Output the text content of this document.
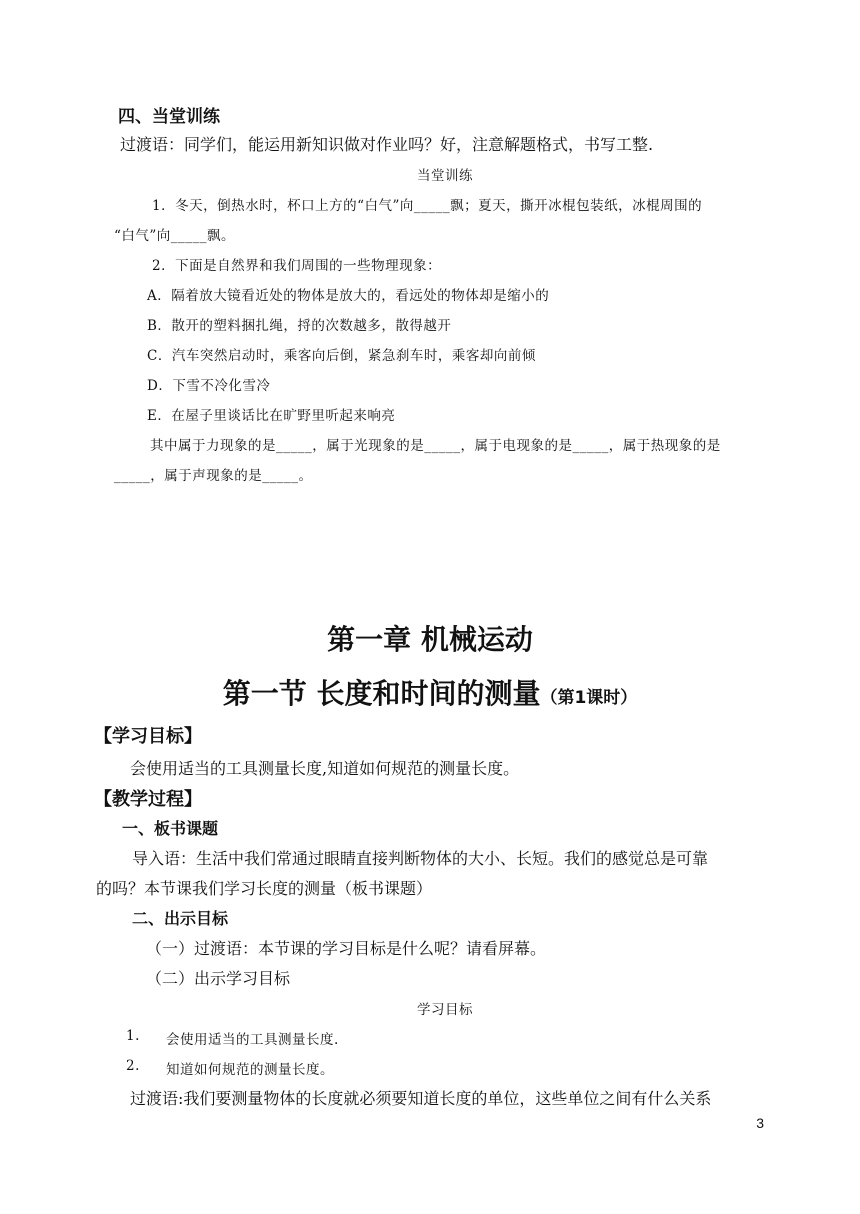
四、当堂训练
过渡语：同学们，能运用新知识做对作业吗？好，注意解题格式，书写工整.
当堂训练
1．冬天，倒热水时，杯口上方的“白气”向_____飘；夏天，撕开冰棍包装纸，冰棍周围的
“白气”向_____飘。
2．下面是自然界和我们周围的一些物理现象：
A．隔着放大镜看近处的物体是放大的，看远处的物体却是缩小的
B．散开的塑料捆扎绳，捋的次数越多，散得越开
C．汽车突然启动时，乘客向后倒，紧急刹车时，乘客却向前倾
D．下雪不冷化雪冷
E．在屋子里谈话比在旷野里听起来响亮
其中属于力现象的是_____，属于光现象的是_____，属于电现象的是_____，属于热现象的是
_____，属于声现象的是_____。
第一章 机械运动
第一节 长度和时间的测量（第1课时）
【学习目标】
会使用适当的工具测量长度,知道如何规范的测量长度。
【教学过程】
一、板书课题
导入语：生活中我们常通过眼睛直接判断物体的大小、长短。我们的感觉总是可靠
的吗？本节课我们学习长度的测量（板书课题）
二、出示目标
（一）过渡语：本节课的学习目标是什么呢？请看屏幕。
（二）出示学习目标
学习目标
1. 会使用适当的工具测量长度.
2. 知道如何规范的测量长度。
过渡语:我们要测量物体的长度就必须要知道长度的单位，这些单位之间有什么关系
3
